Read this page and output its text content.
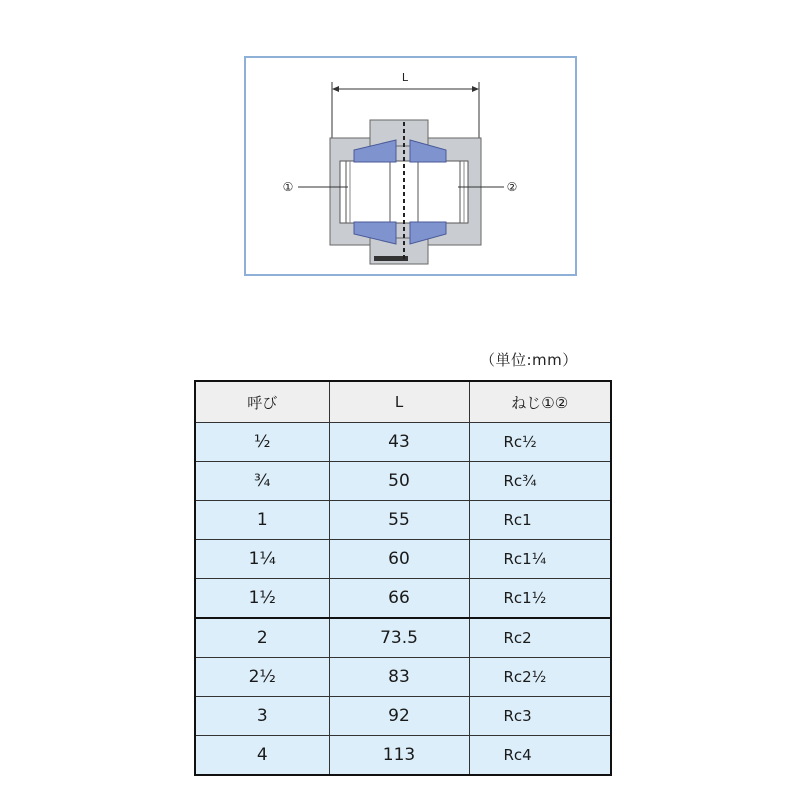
L
①	②
（単位:mm）
呼び	L	ねじ①②
½	43	Rc½
¾	50	Rc¾
1	55	Rc1
1¼	60	Rc1¼
1½	66	Rc1½
2	73.5	Rc2
2½	83	Rc2½
3	92	Rc3
4	113	Rc4
